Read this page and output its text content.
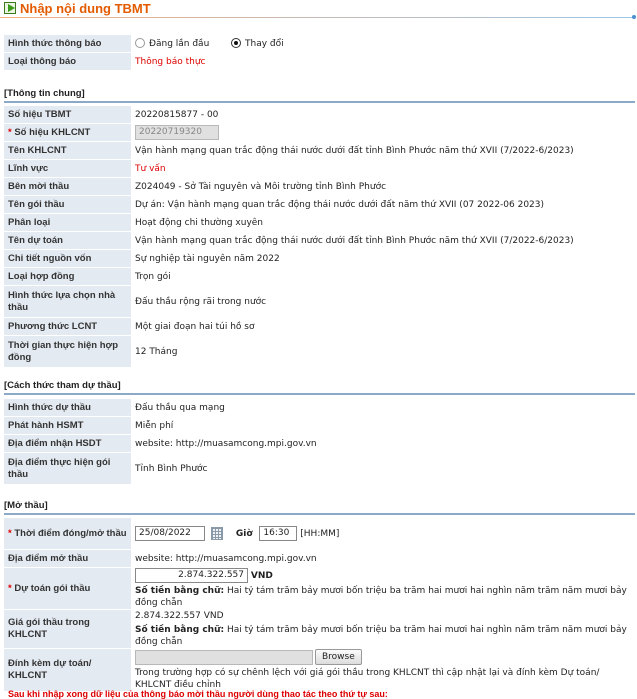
Nhập nội dung TBMT
Hình thức thông báo	Đăng lần đầu Thay đổi

Loại thông báo	Thông báo thực
[Thông tin chung]
Số hiệu TBMT	20220815877 - 00

* Số hiệu KHLCNT	20220719320

Tên KHLCNT	Vận hành mạng quan trắc động thái nước dưới đất tỉnh Bình Phước năm thứ XVII (7/2022-6/2023)

Lĩnh vực	Tư vấn

Bên mời thầu	Z024049 - Sở Tài nguyên và Môi trường tỉnh Bình Phước

Tên gói thầu	Dự án: Vận hành mạng quan trắc động thái nước dưới đất năm thứ XVII (07 2022-06 2023)

Phân loại	Hoạt động chi thường xuyên

Tên dự toán	Vận hành mạng quan trắc động thái nước dưới đất tỉnh Bình Phước năm thứ XVII (7/2022-6/2023)

Chi tiết nguồn vốn	Sự nghiệp tài nguyên năm 2022

Loại hợp đồng	Trọn gói

Hình thức lựa chọn nhà thầu	Đấu thầu rộng rãi trong nước

Phương thức LCNT	Một giai đoạn hai túi hồ sơ

Thời gian thực hiện hợp đồng	12 Tháng
[Cách thức tham dự thầu]
Hình thức dự thầu	Đấu thầu qua mạng

Phát hành HSMT	Miễn phí

Địa điểm nhận HSDT	website: http://muasamcong.mpi.gov.vn

Địa điểm thực hiện gói thầu	Tỉnh Bình Phước
[Mở thầu]
* Thời điểm đóng/mở thầu	25/08/2022 Giờ 16:30 [HH:MM]

Địa điểm mở thầu	website: http://muasamcong.mpi.gov.vn

* Dự toán gói thầu	2.874.322.557 VND
Số tiền bằng chữ: Hai tỷ tám trăm bảy mươi bốn triệu ba trăm hai mươi hai nghìn năm trăm năm mươi bảy đồng chẵn

Giá gói thầu trong KHLCNT	2.874.322.557 VND
Số tiền bằng chữ: Hai tỷ tám trăm bảy mươi bốn triệu ba trăm hai mươi hai nghìn năm trăm năm mươi bảy đồng chẵn

Đính kèm dự toán/ KHLCNT	Browse
Trong trường hợp có sự chênh lệch với giá gói thầu trong KHLCNT thì cập nhật lại và đính kèm Dự toán/ KHLCNT điều chỉnh
Sau khi nhập xong dữ liệu của thông báo mời thầu người dùng thao tác theo thứ tự sau:
